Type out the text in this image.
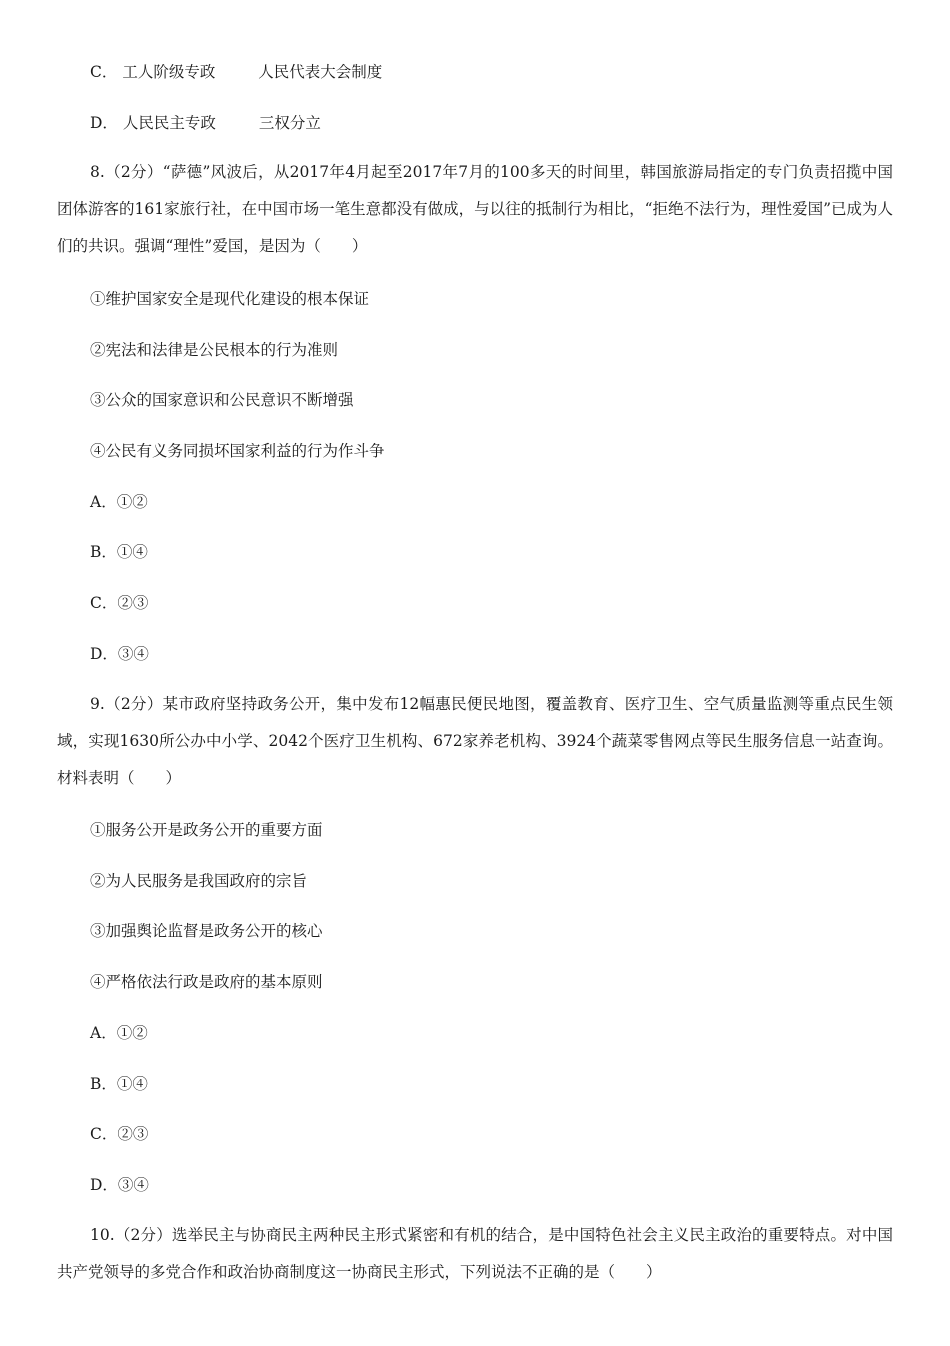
C． 工人阶级专政	人民代表大会制度
D． 人民民主专政	三权分立
8.（2分）“萨德”风波后，从2017年4月起至2017年7月的100多天的时间里，韩国旅游局指定的专门负责招揽中国团体游客的161家旅行社，在中国市场一笔生意都没有做成，与以往的抵制行为相比，“拒绝不法行为，理性爱国”已成为人们的共识。强调“理性”爱国，是因为（　　）
①维护国家安全是现代化建设的根本保证
②宪法和法律是公民根本的行为准则
③公众的国家意识和公民意识不断增强
④公民有义务同损坏国家利益的行为作斗争
A．①②
B．①④
C．②③
D．③④
9.（2分）某市政府坚持政务公开，集中发布12幅惠民便民地图，覆盖教育、医疗卫生、空气质量监测等重点民生领域，实现1630所公办中小学、2042个医疗卫生机构、672家养老机构、3924个蔬菜零售网点等民生服务信息一站查询。材料表明（　　）
①服务公开是政务公开的重要方面
②为人民服务是我国政府的宗旨
③加强舆论监督是政务公开的核心
④严格依法行政是政府的基本原则
A．①②
B．①④
C．②③
D．③④
10.（2分）选举民主与协商民主两种民主形式紧密和有机的结合，是中国特色社会主义民主政治的重要特点。对中国共产党领导的多党合作和政治协商制度这一协商民主形式，下列说法不正确的是（　　）
